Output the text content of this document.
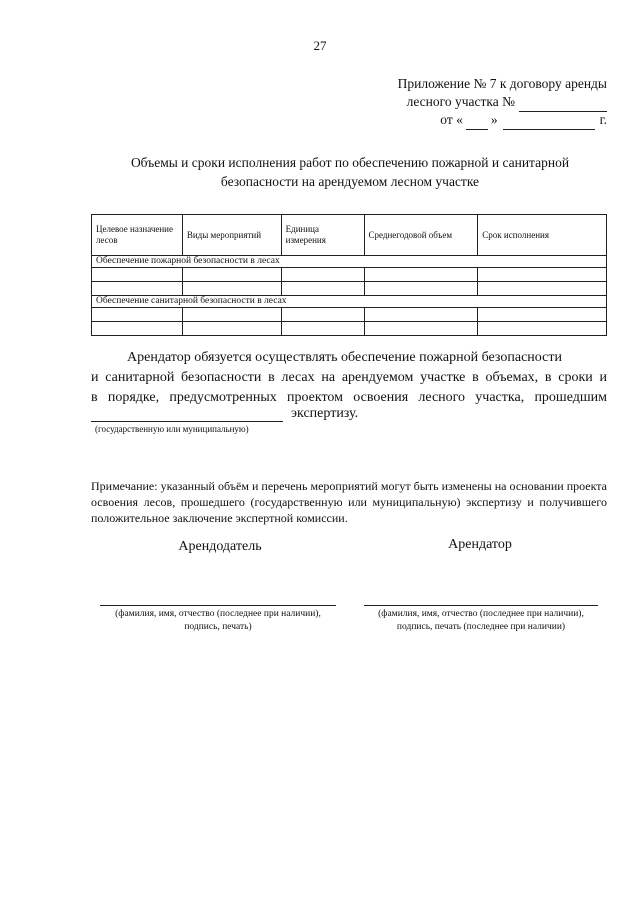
27
Приложение № 7 к договору аренды
лесного участка №
от « »	г.
Объемы и сроки исполнения работ по обеспечению пожарной и санитарной
безопасности на арендуемом лесном участке
Целевое назначение лесов	Виды мероприятий	Единица измерения	Среднегодовой объем	Срок исполнения
Обеспечение пожарной безопасности в лесах				

Обеспечение санитарной безопасности в лесах				

Арендатор обязуется осуществлять обеспечение пожарной безопасности
и санитарной безопасности в лесах на арендуемом участке в объемах, в сроки и
в порядке, предусмотренных проектом освоения лесного участка, прошедшим
экспертизу.
(государственную или муниципальную)
Примечание: указанный объём и перечень мероприятий могут быть изменены на основании проекта освоения лесов, прошедшего (государственную или муниципальную) экспертизу и получившего положительное заключение экспертной комиссии.
Арендодатель	Арендатор
(фамилия, имя, отчество (последнее при наличии),
подпись, печать)
(фамилия, имя, отчество (последнее при наличии),
подпись, печать (последнее при наличии)
